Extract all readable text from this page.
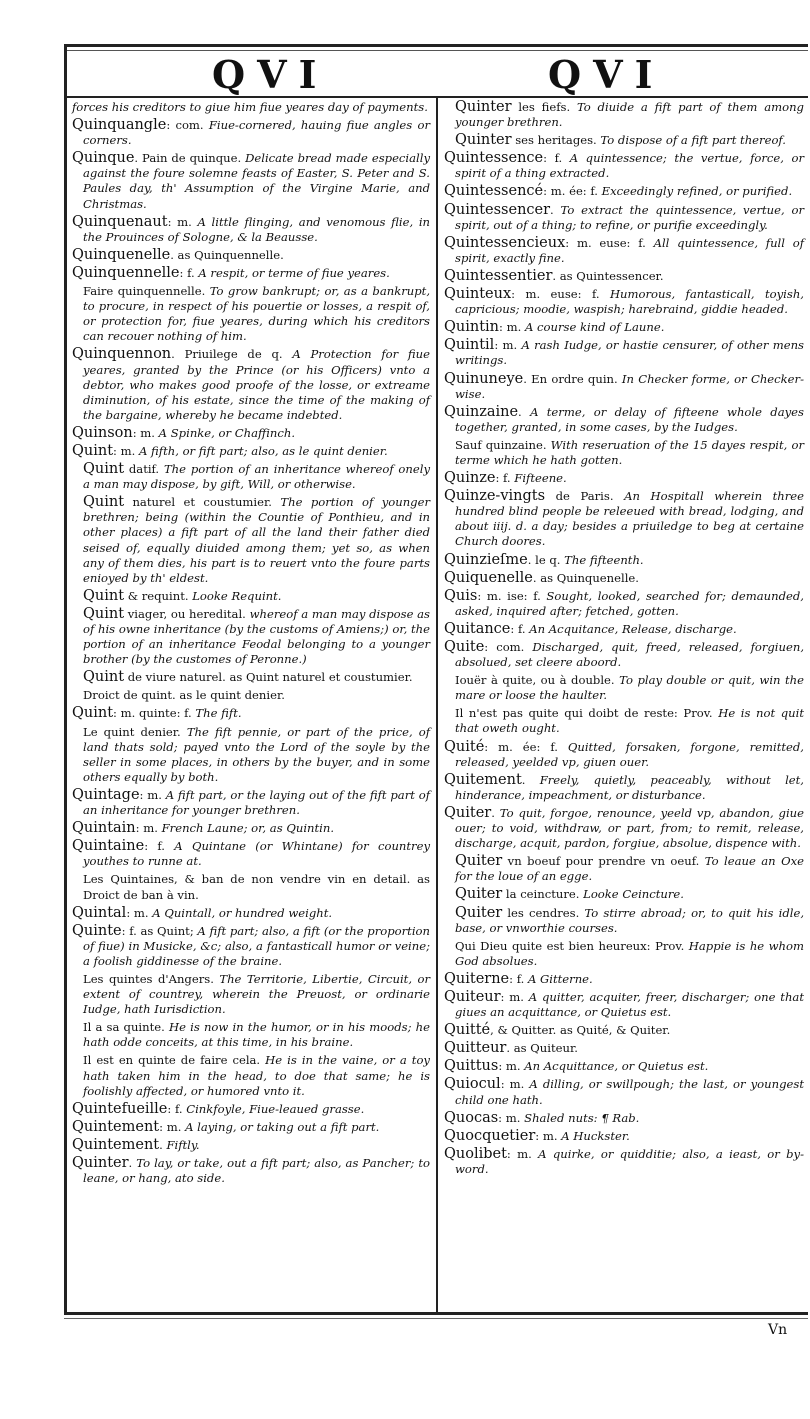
QVI	QVI

forces his creditors to giue him fiue yeares day of payments.

Quinquangle: com. Fiue-cornered, hauing fiue angles or corners.

Quinque. Pain de quinque. Delicate bread made especially against the foure solemne feasts of Easter, S. Peter and S. Paules day, th' Assumption of the Virgine Marie, and Christmas.

Quinquenaut: m. A little flinging, and venomous flie, in the Prouinces of Sologne, & la Beausse.

Quinquenelle. as Quinquennelle.

Quinquennelle: f. A respit, or terme of fiue yeares.

Faire quinquennelle. To grow bankrupt; or, as a bankrupt, to procure, in respect of his pouertie or losses, a respit of, or protection for, fiue yeares, during which his creditors can recouer nothing of him.

Quinquennon. Priuilege de q. A Protection for fiue yeares, granted by the Prince (or his Officers) vnto a debtor, who makes good proofe of the losse, or extreame diminution, of his estate, since the time of the making of the bargaine, whereby he became indebted.

Quinson: m. A Spinke, or Chaffinch.

Quint: m. A fifth, or fift part; also, as le quint denier.

Quint datif. The portion of an inheritance whereof onely a man may dispose, by gift, Will, or otherwise.

Quint naturel et coustumier. The portion of younger brethren; being (within the Countie of Ponthieu, and in other places) a fift part of all the land their father died seised of, equally diuided among them; yet so, as when any of them dies, his part is to reuert vnto the foure parts enioyed by th' eldest.

Quint & requint. Looke Requint.

Quint viager, ou heredital. whereof a man may dispose as of his owne inheritance (by the customs of Amiens;) or, the portion of an inheritance Feodal belonging to a younger brother (by the customes of Peronne.)

Quint de viure naturel. as Quint naturel et coustumier.

Droict de quint. as le quint denier.

Quint: m. quinte: f. The fift.

Le quint denier. The fift pennie, or part of the price, of land thats sold; payed vnto the Lord of the soyle by the seller in some places, in others by the buyer, and in some others equally by both.

Quintage: m. A fift part, or the laying out of the fift part of an inheritance for younger brethren.

Quintain: m. French Laune; or, as Quintin.

Quintaine: f. A Quintane (or Whintane) for countrey youthes to runne at.

Les Quintaines, & ban de non vendre vin en detail. as Droict de ban à vin.

Quintal: m. A Quintall, or hundred weight.

Quinte: f. as Quint; A fift part; also, a fift (or the proportion of fiue) in Musicke, &c; also, a fantasticall humor or veine; a foolish giddinesse of the braine.

Les quintes d'Angers. The Territorie, Libertie, Circuit, or extent of countrey, wherein the Preuost, or ordinarie Iudge, hath Iurisdiction.

Il a sa quinte. He is now in the humor, or in his moods; he hath odde conceits, at this time, in his braine.

Il est en quinte de faire cela. He is in the vaine, or a toy hath taken him in the head, to doe that same; he is foolishly affected, or humored vnto it.

Quintefueille: f. Cinkfoyle, Fiue-leaued grasse.

Quintement: m. A laying, or taking out a fift part.

Quintement. Fiftly.

Quinter. To lay, or take, out a fift part; also, as Pancher; to leane, or hang, ato side.

Quinter les fiefs. To diuide a fift part of them among younger brethren.

Quinter ses heritages. To dispose of a fift part thereof.

Quintessence: f. A quintessence; the vertue, force, or spirit of a thing extracted.

Quintessencé: m. ée: f. Exceedingly refined, or purified.

Quintessencer. To extract the quintessence, vertue, or spirit, out of a thing; to refine, or purifie exceedingly.

Quintessencieux: m. euse: f. All quintessence, full of spirit, exactly fine.

Quintessentier. as Quintessencer.

Quinteux: m. euse: f. Humorous, fantasticall, toyish, capricious; moodie, waspish; harebraind, giddie headed.

Quintin: m. A course kind of Laune.

Quintil: m. A rash Iudge, or hastie censurer, of other mens writings.

Quinuneye. En ordre quin. In Checker forme, or Checker-wise.

Quinzaine. A terme, or delay of fifteene whole dayes together, granted, in some cases, by the Iudges.

Sauf quinzaine. With reseruation of the 15 dayes respit, or terme which he hath gotten.

Quinze: f. Fifteene.

Quinze-vingts de Paris. An Hospitall wherein three hundred blind people be releeued with bread, lodging, and about iiij. d. a day; besides a priuiledge to beg at certaine Church doores.

Quinzieſme. le q. The fifteenth.

Quiquenelle. as Quinquenelle.

Quis: m. ise: f. Sought, looked, searched for; demaunded, asked, inquired after; fetched, gotten.

Quitance: f. An Acquitance, Release, discharge.

Quite: com. Discharged, quit, freed, released, forgiuen, absolued, set cleere aboord.

Iouër à quite, ou à double. To play double or quit, win the mare or loose the haulter.

Il n'est pas quite qui doibt de reste: Prov. He is not quit that oweth ought.

Quité: m. ée: f. Quitted, forsaken, forgone, remitted, released, yeelded vp, giuen ouer.

Quitement. Freely, quietly, peaceably, without let, hinderance, impeachment, or disturbance.

Quiter. To quit, forgoe, renounce, yeeld vp, abandon, giue ouer; to void, withdraw, or part, from; to remit, release, discharge, acquit, pardon, forgiue, absolue, dispence with.

Quiter vn boeuf pour prendre vn oeuf. To leaue an Oxe for the loue of an egge.

Quiter la ceincture. Looke Ceincture.

Quiter les cendres. To stirre abroad; or, to quit his idle, base, or vnworthie courses.

Qui Dieu quite est bien heureux: Prov. Happie is he whom God absolues.

Quiterne: f. A Gitterne.

Quiteur: m. A quitter, acquiter, freer, discharger; one that giues an acquittance, or Quietus est.

Quitté, & Quitter. as Quité, & Quiter.

Quitteur. as Quiteur.

Quittus: m. An Acquittance, or Quietus est.

Quiocul: m. A dilling, or swillpough; the last, or youngest child one hath.

Quocas: m. Shaled nuts: ¶ Rab.

Quocquetier: m. A Huckster.

Quolibet: m. A quirke, or quidditie; also, a ieast, or by-word.

Vn
